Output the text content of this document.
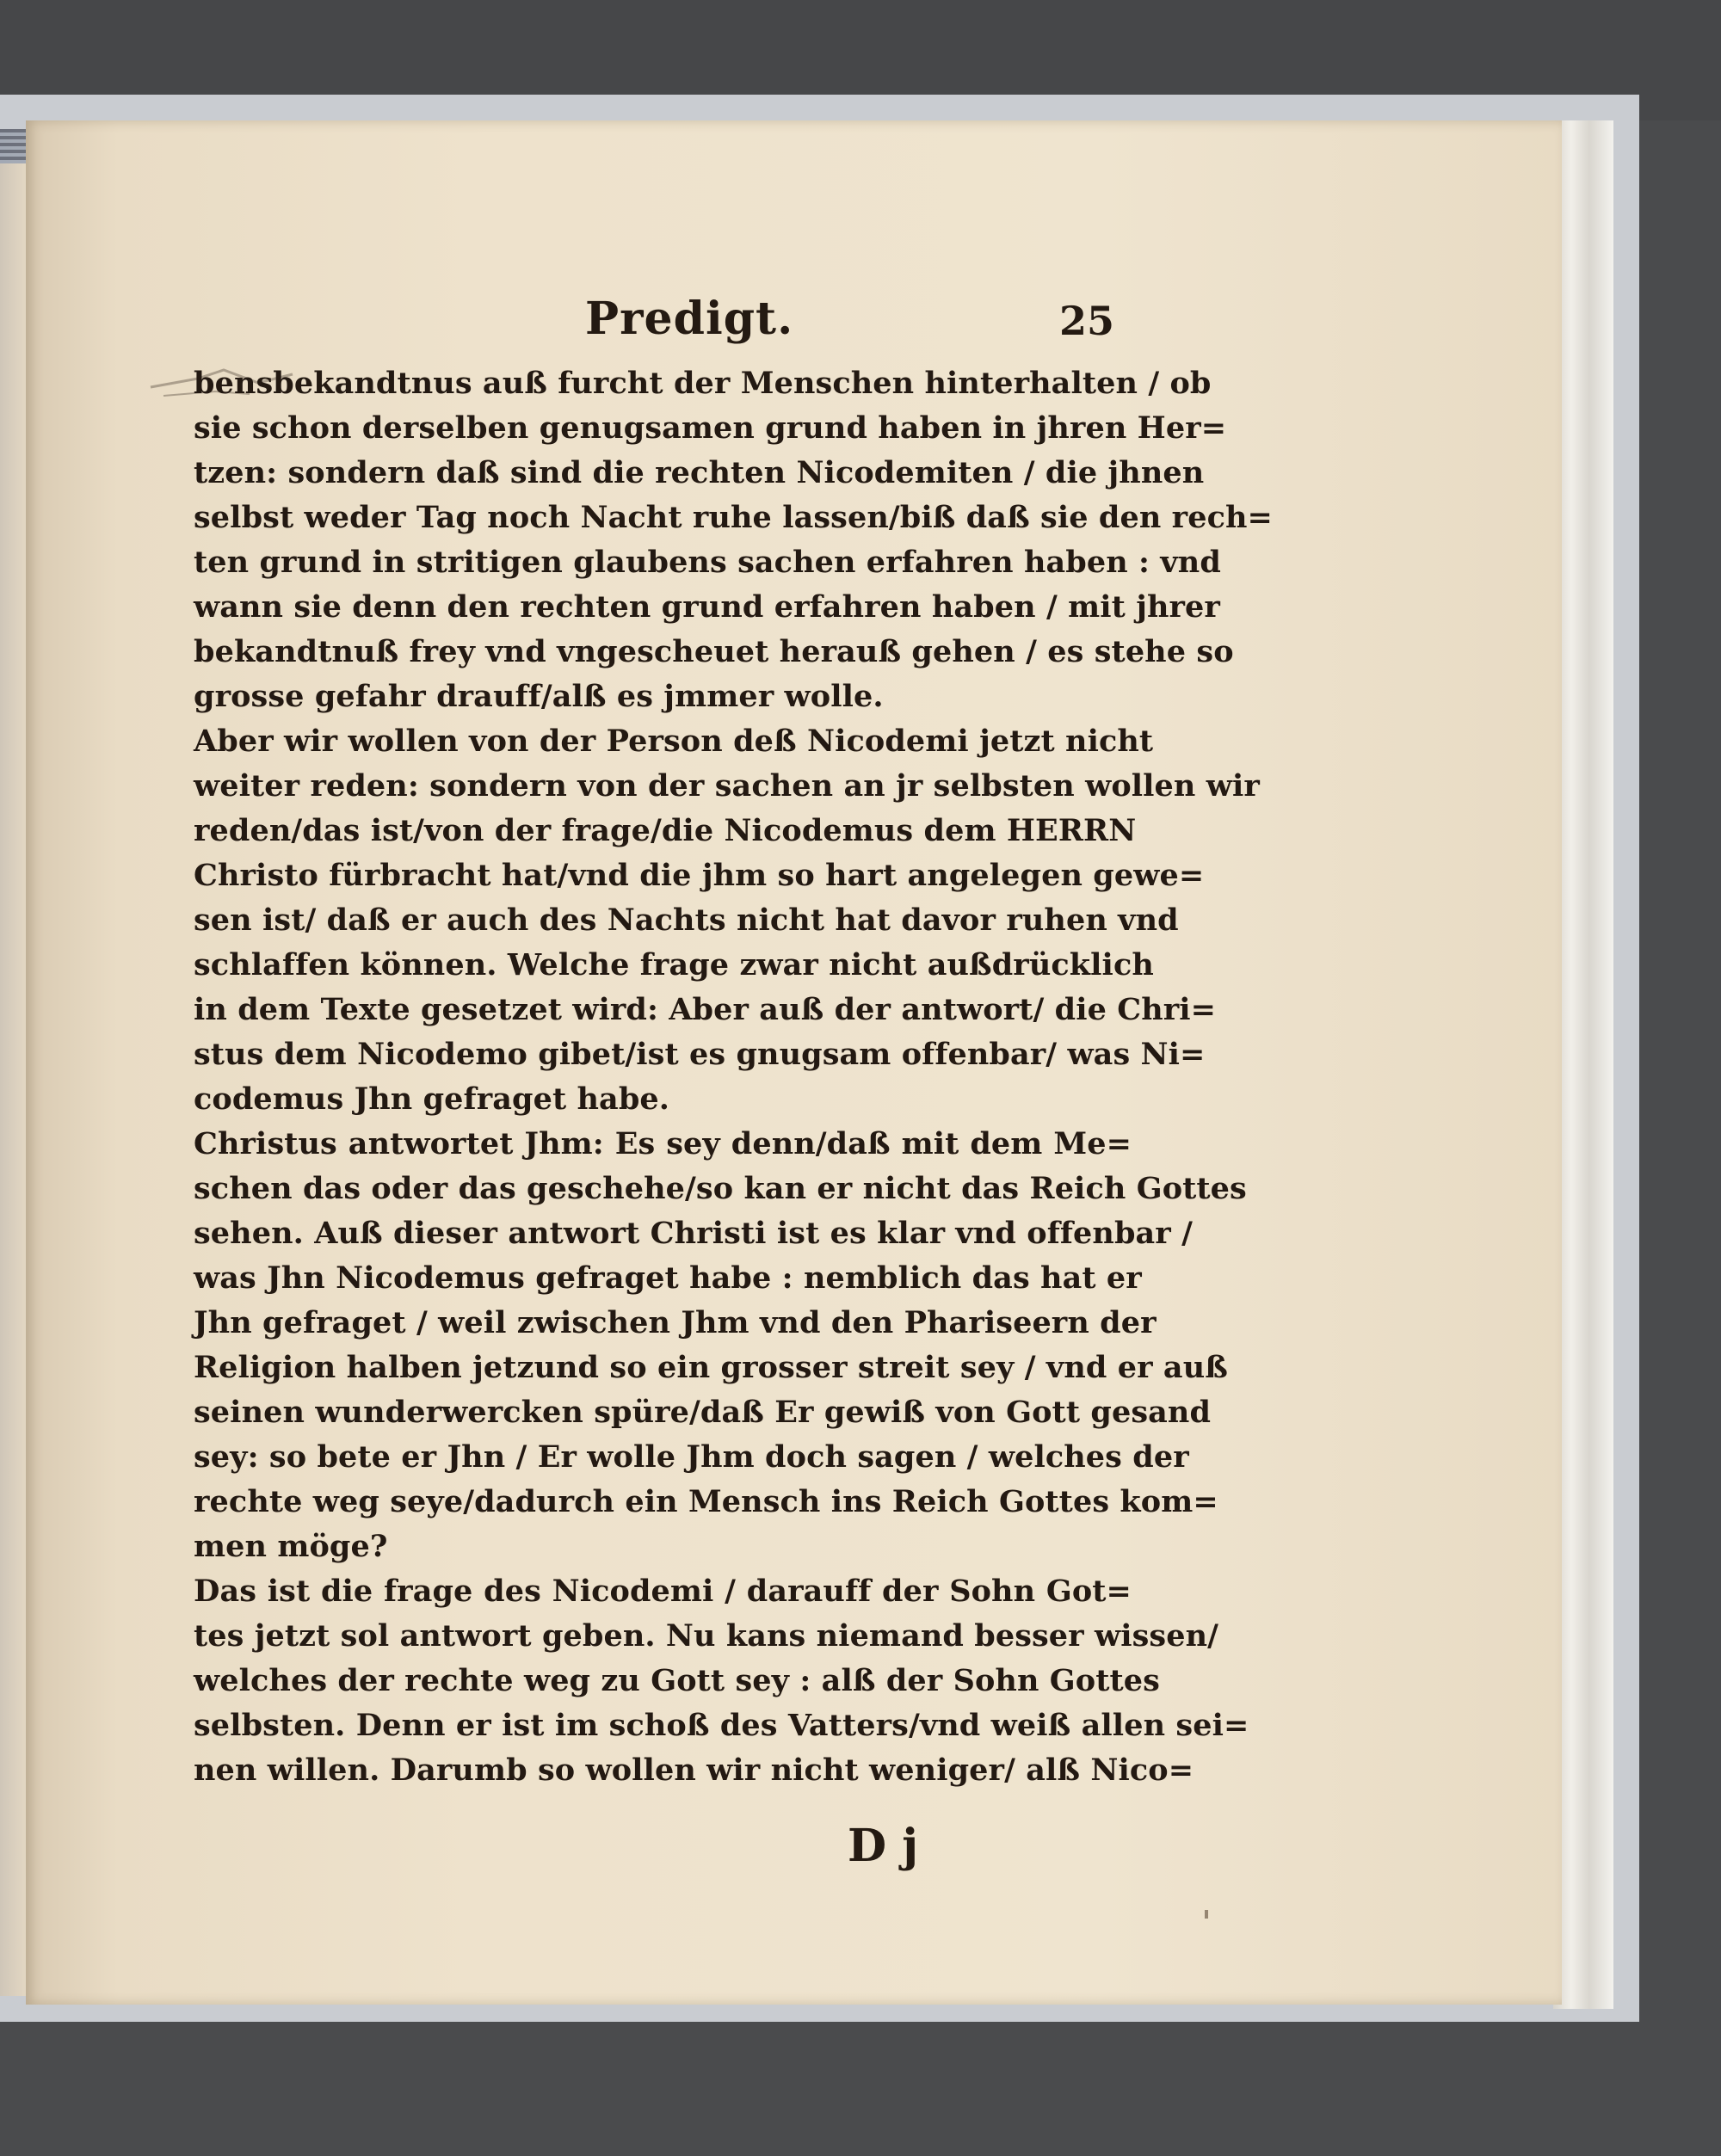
Predigt.	25
bensbekandtnus auß furcht der Menschen hinterhalten / ob
sie schon derselben genugsamen grund haben in jhren Her=
tzen: sondern daß sind die rechten Nicodemiten / die jhnen
selbst weder Tag noch Nacht ruhe lassen/biß daß sie den rech=
ten grund in stritigen glaubens sachen erfahren haben : vnd
wann sie denn den rechten grund erfahren haben / mit jhrer
bekandtnuß frey vnd vngescheuet herauß gehen / es stehe so
grosse gefahr drauff/alß es jmmer wolle.
Aber wir wollen von der Person deß Nicodemi jetzt nicht
weiter reden: sondern von der sachen an jr selbsten wollen wir
reden/das ist/von der frage/die Nicodemus dem HERRN
Christo fürbracht hat/vnd die jhm so hart angelegen gewe=
sen ist/ daß er auch des Nachts nicht hat davor ruhen vnd
schlaffen können. Welche frage zwar nicht außdrücklich
in dem Texte gesetzet wird: Aber auß der antwort/ die Chri=
stus dem Nicodemo gibet/ist es gnugsam offenbar/ was Ni=
codemus Jhn gefraget habe.
Christus antwortet Jhm: Es sey denn/daß mit dem Me=
schen das oder das geschehe/so kan er nicht das Reich Gottes
sehen. Auß dieser antwort Christi ist es klar vnd offenbar /
was Jhn Nicodemus gefraget habe : nemblich das hat er
Jhn gefraget / weil zwischen Jhm vnd den Phariseern der
Religion halben jetzund so ein grosser streit sey / vnd er auß
seinen wunderwercken spüre/daß Er gewiß von Gott gesand
sey: so bete er Jhn / Er wolle Jhm doch sagen / welches der
rechte weg seye/dadurch ein Mensch ins Reich Gottes kom=
men möge?
Das ist die frage des Nicodemi / darauff der Sohn Got=
tes jetzt sol antwort geben. Nu kans niemand besser wissen/
welches der rechte weg zu Gott sey : alß der Sohn Gottes
selbsten. Denn er ist im schoß des Vatters/vnd weiß allen sei=
nen willen. Darumb so wollen wir nicht weniger/ alß Nico=
D j
